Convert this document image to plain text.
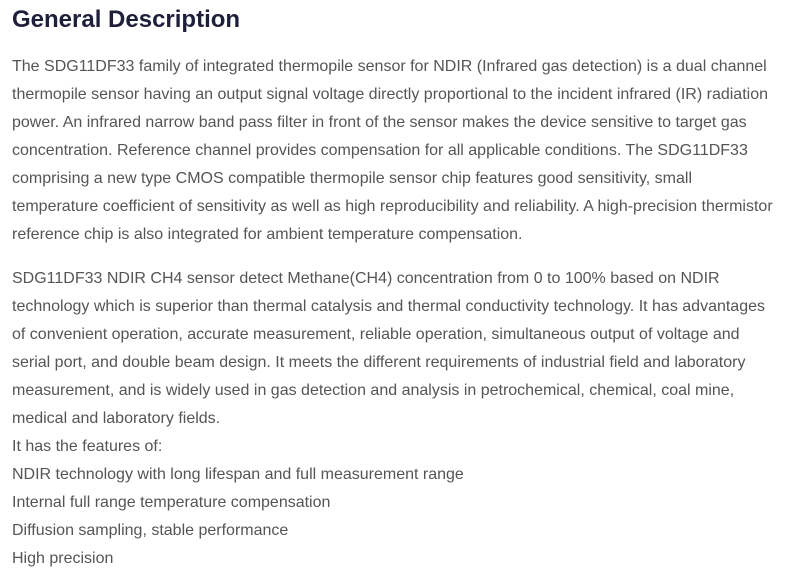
General Description

The SDG11DF33 family of integrated thermopile sensor for NDIR (Infrared gas detection) is a dual channel thermopile sensor having an output signal voltage directly proportional to the incident infrared (IR) radiation power. An infrared narrow band pass filter in front of the sensor makes the device sensitive to target gas concentration. Reference channel provides compensation for all applicable conditions. The SDG11DF33 comprising a new type CMOS compatible thermopile sensor chip features good sensitivity, small temperature coefficient of sensitivity as well as high reproducibility and reliability. A high-precision thermistor reference chip is also integrated for ambient temperature compensation.

SDG11DF33 NDIR CH4 sensor detect Methane(CH4) concentration from 0 to 100% based on NDIR technology which is superior than thermal catalysis and thermal conductivity technology. It has advantages of convenient operation, accurate measurement, reliable operation, simultaneous output of voltage and serial port, and double beam design. It meets the different requirements of industrial field and laboratory measurement, and is widely used in gas detection and analysis in petrochemical, chemical, coal mine, medical and laboratory fields.

It has the features of:
NDIR technology with long lifespan and full measurement range
Internal full range temperature compensation
Diffusion sampling, stable performance
High precision
